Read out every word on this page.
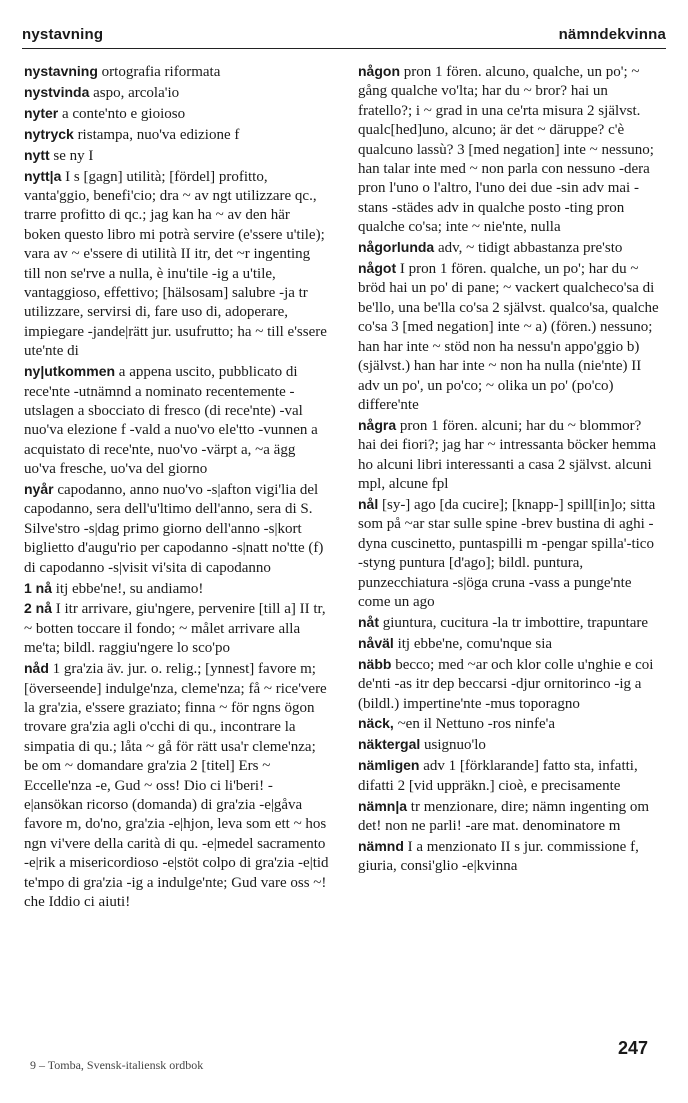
nystavning	nämndekvinna

nystavning ortografia riformata

nystvinda aspo, arcola'io

nyter a conte'nto e gioioso

nytryck ristampa, nuo'va edizione f

nytt se ny I

nytt|a I s [gagn] utilità; [fördel] profitto, vanta'ggio, benefi'cio; dra ~ av ngt utilizzare qc., trarre profitto di qc.; jag kan ha ~ av den här boken questo libro mi potrà servire (e'ssere u'tile); vara av ~ e'ssere di utilità II itr, det ~r ingenting till non se'rve a nulla, è inu'tile -ig a u'tile, vantaggioso, effettivo; [hälsosam] salubre -ja tr utilizzare, servirsi di, fare uso di, adoperare, impiegare -jande|rätt jur. usufrutto; ha ~ till e'ssere ute'nte di

ny|utkommen a appena uscito, pubblicato di rece'nte -utnämnd a nominato recentemente -utslagen a sbocciato di fresco (di rece'nte) -val nuo'va elezione f -vald a nuo'vo ele'tto -vunnen a acquistato di rece'nte, nuo'vo -värpt a, ~a ägg uo'va fresche, uo'va del giorno

nyår capodanno, anno nuo'vo -s|afton vigi'lia del capodanno, sera dell'u'ltimo dell'anno, sera di S. Silve'stro -s|dag primo giorno dell'anno -s|kort biglietto d'augu'rio per capodanno -s|natt no'tte (f) di capodanno -s|visit vi'sita di capodanno

1 nå itj ebbe'ne!, su andiamo!

2 nå I itr arrivare, giu'ngere, pervenire [till a] II tr, ~ botten toccare il fondo; ~ målet arrivare alla me'ta; bildl. raggiu'ngere lo sco'po

nåd 1 gra'zia äv. jur. o. relig.; [ynnest] favore m; [överseende] indulge'nza, cleme'nza; få ~ rice'vere la gra'zia, e'ssere graziato; finna ~ för ngns ögon trovare gra'zia agli o'cchi di qu., incontrare la simpatia di qu.; låta ~ gå för rätt usa'r cleme'nza; be om ~ domandare gra'zia 2 [titel] Ers ~ Eccelle'nza -e, Gud ~ oss! Dio ci li'beri! -e|ansökan ricorso (domanda) di gra'zia -e|gåva favore m, do'no, gra'zia -e|hjon, leva som ett ~ hos ngn vi'vere della carità di qu. -e|medel sacramento -e|rik a misericordioso -e|stöt colpo di gra'zia -e|tid te'mpo di gra'zia -ig a indulge'nte; Gud vare oss ~! che Iddio ci aiuti!

någon pron 1 fören. alcuno, qualche, un po'; ~ gång qualche vo'lta; har du ~ bror? hai un fratello?; i ~ grad in una ce'rta misura 2 självst. qualc[hed]uno, alcuno; är det ~ däruppe? c'è qualcuno lassù? 3 [med negation] inte ~ nessuno; han talar inte med ~ non parla con nessuno -dera pron l'uno o l'altro, l'uno dei due -sin adv mai -stans -städes adv in qualche posto -ting pron qualche co'sa; inte ~ nie'nte, nulla

någorlunda adv, ~ tidigt abbastanza pre'sto

något I pron 1 fören. qualche, un po'; har du ~ bröd hai un po' di pane; ~ vackert qualcheco'sa di be'llo, una be'lla co'sa 2 självst. qualco'sa, qualche co'sa 3 [med negation] inte ~ a) (fören.) nessuno; han har inte ~ stöd non ha nessu'n appo'ggio b) (självst.) han har inte ~ non ha nulla (nie'nte) II adv un po', un po'co; ~ olika un po' (po'co) differe'nte

några pron 1 fören. alcuni; har du ~ blommor? hai dei fiori?; jag har ~ intressanta böcker hemma ho alcuni libri interessanti a casa 2 självst. alcuni mpl, alcune fpl

nål [sy-] ago [da cucire]; [knapp-] spill[in]o; sitta som på ~ar star sulle spine -brev bustina di aghi -dyna cuscinetto, puntaspilli m -pengar spilla'-tico -styng puntura [d'ago]; bildl. puntura, punzecchiatura -s|öga cruna -vass a punge'nte come un ago

nåt giuntura, cucitura -la tr imbottire, trapuntare

nåväl itj ebbe'ne, comu'nque sia

näbb becco; med ~ar och klor colle u'nghie e coi de'nti -as itr dep beccarsi -djur ornitorinco -ig a (bildl.) impertine'nte -mus toporagno

näck, ~en il Nettuno -ros ninfe'a

näktergal usignuo'lo

nämligen adv 1 [förklarande] fatto sta, infatti, difatti 2 [vid uppräkn.] cioè, e precisamente

nämn|a tr menzionare, dire; nämn ingenting om det! non ne parli! -are mat. denominatore m

nämnd I a menzionato II s jur. commissione f, giuria, consi'glio -e|kvinna

9 – Tomba, Svensk-italiensk ordbok
247
